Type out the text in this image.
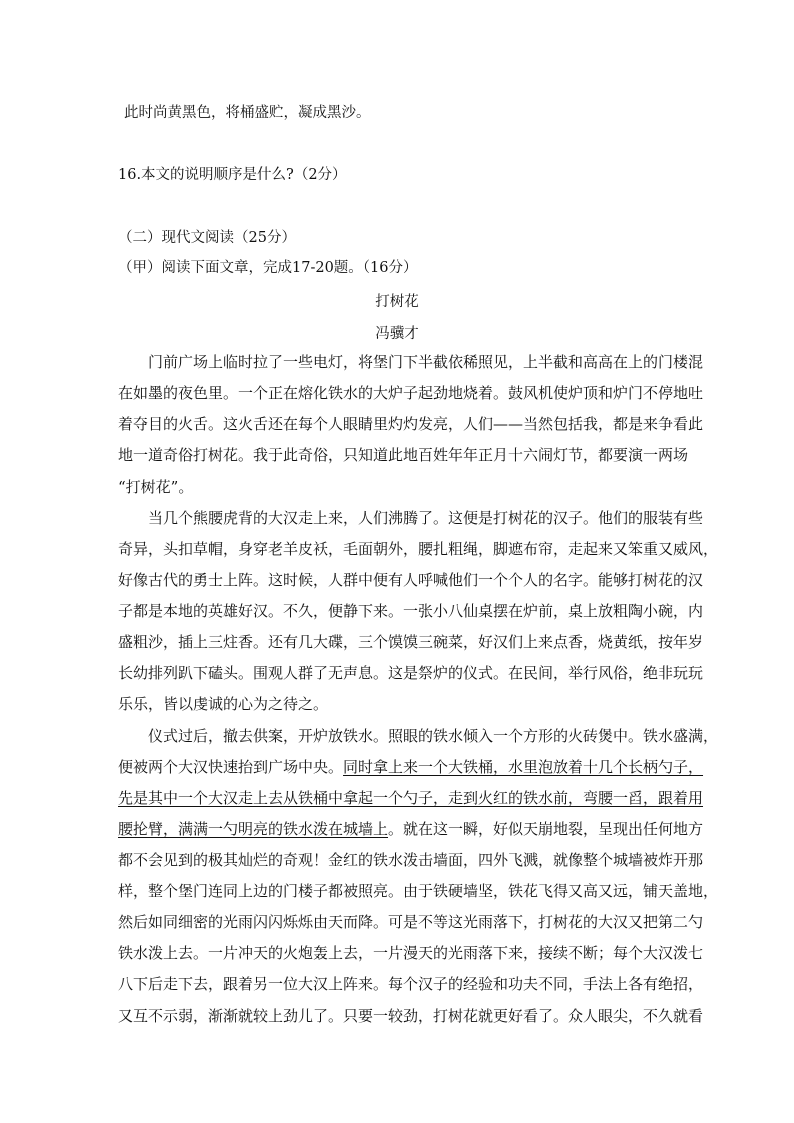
此时尚黄黑色，将桶盛贮，凝成黑沙。
16.本文的说明顺序是什么?（2分）
（二）现代文阅读（25分）
（甲）阅读下面文章，完成17-20题。（16分）
打树花
冯骥才
门前广场上临时拉了一些电灯，将堡门下半截依稀照见，上半截和高高在上的门楼混
在如墨的夜色里。一个正在熔化铁水的大炉子起劲地烧着。鼓风机使炉顶和炉门不停地吐
着夺目的火舌。这火舌还在每个人眼睛里灼灼发亮，人们——当然包括我，都是来争看此
地一道奇俗打树花。我于此奇俗，只知道此地百姓年年正月十六闹灯节，都要演一两场
“打树花”。
当几个熊腰虎背的大汉走上来，人们沸腾了。这便是打树花的汉子。他们的服装有些
奇异，头扣草帽，身穿老羊皮袄，毛面朝外，腰扎粗绳，脚遮布帘，走起来又笨重又威风，
好像古代的勇士上阵。这时候，人群中便有人呼喊他们一个个人的名字。能够打树花的汉
子都是本地的英雄好汉。不久，便静下来。一张小八仙桌摆在炉前，桌上放粗陶小碗，内
盛粗沙，插上三炷香。还有几大碟，三个馍馍三碗菜，好汉们上来点香，烧黄纸，按年岁
长幼排列趴下磕头。围观人群了无声息。这是祭炉的仪式。在民间，举行风俗，绝非玩玩
乐乐，皆以虔诚的心为之待之。
仪式过后，撤去供案，开炉放铁水。照眼的铁水倾入一个方形的火砖煲中。铁水盛满，
便被两个大汉快速抬到广场中央。同时拿上来一个大铁桶，水里泡放着十几个长柄勺子，
先是其中一个大汉走上去从铁桶中拿起一个勺子，走到火红的铁水前，弯腰一舀，跟着用
腰抡臂，满满一勺明亮的铁水泼在城墙上。就在这一瞬，好似天崩地裂，呈现出任何地方
都不会见到的极其灿烂的奇观！金红的铁水泼击墙面，四外飞溅，就像整个城墙被炸开那
样，整个堡门连同上边的门楼子都被照亮。由于铁硬墙坚，铁花飞得又高又远，铺天盖地，
然后如同细密的光雨闪闪烁烁由天而降。可是不等这光雨落下，打树花的大汉又把第二勺
铁水泼上去。一片冲天的火炮轰上去，一片漫天的光雨落下来，接续不断；每个大汉泼七
八下后走下去，跟着另一位大汉上阵来。每个汉子的经验和功夫不同，手法上各有绝招，
又互不示弱，渐渐就较上劲儿了。只要一较劲，打树花就更好看了。众人眼尖，不久就看
